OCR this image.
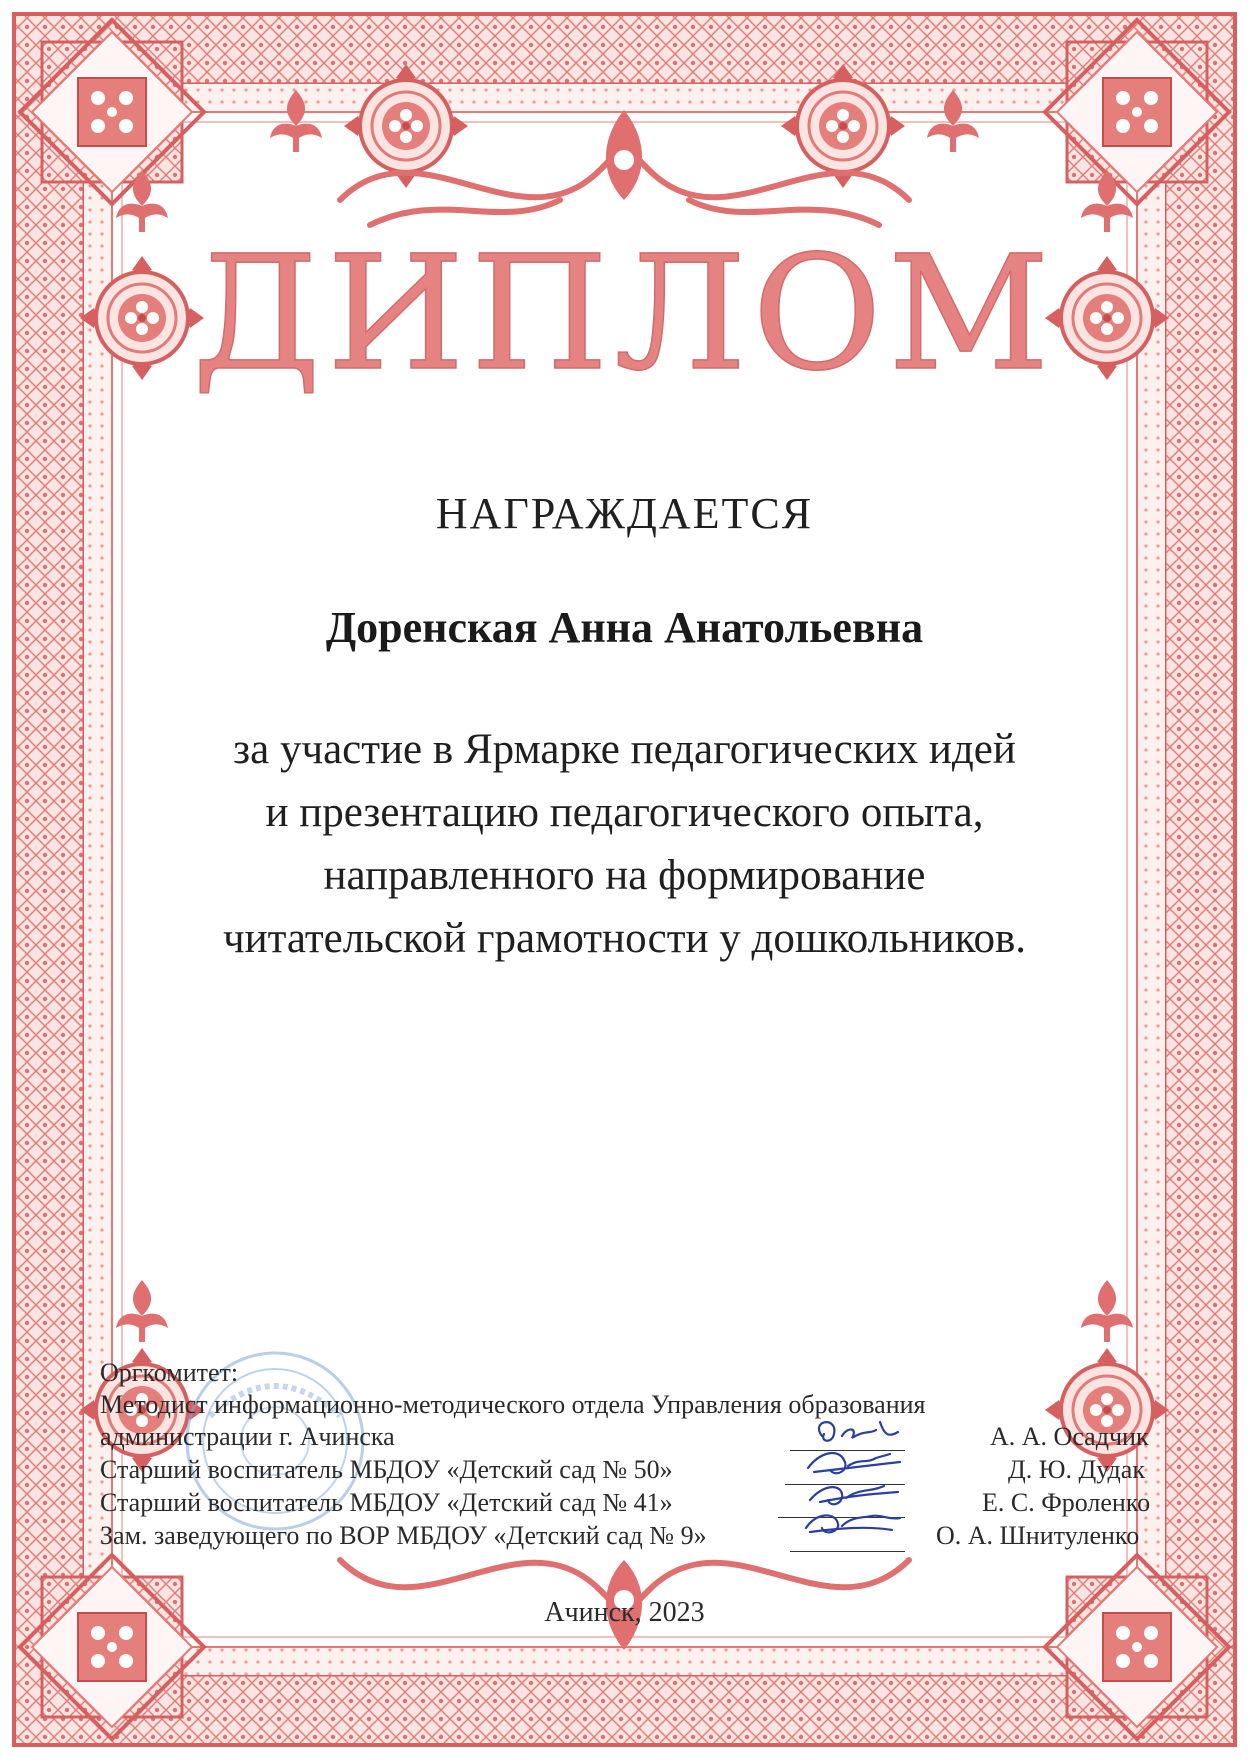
ДИПЛОМ
НАГРАЖДАЕТСЯ
Доренская Анна Анатольевна
за участие в Ярмарке педагогических идей
и презентацию педагогического опыта,
направленного на формирование
читательской грамотности у дошкольников.
Оргкомитет:
Методист информационно-методического отдела Управления образования
администрации г. Ачинска	А. А. Осадчик
Старший воспитатель МБДОУ «Детский сад № 50»	Д. Ю. Дудак
Старший воспитатель МБДОУ «Детский сад № 41»	Е. С. Фроленко
Зам. заведующего по ВОР МБДОУ «Детский сад № 9»	О. А. Шнитуленко
Ачинск, 2023
